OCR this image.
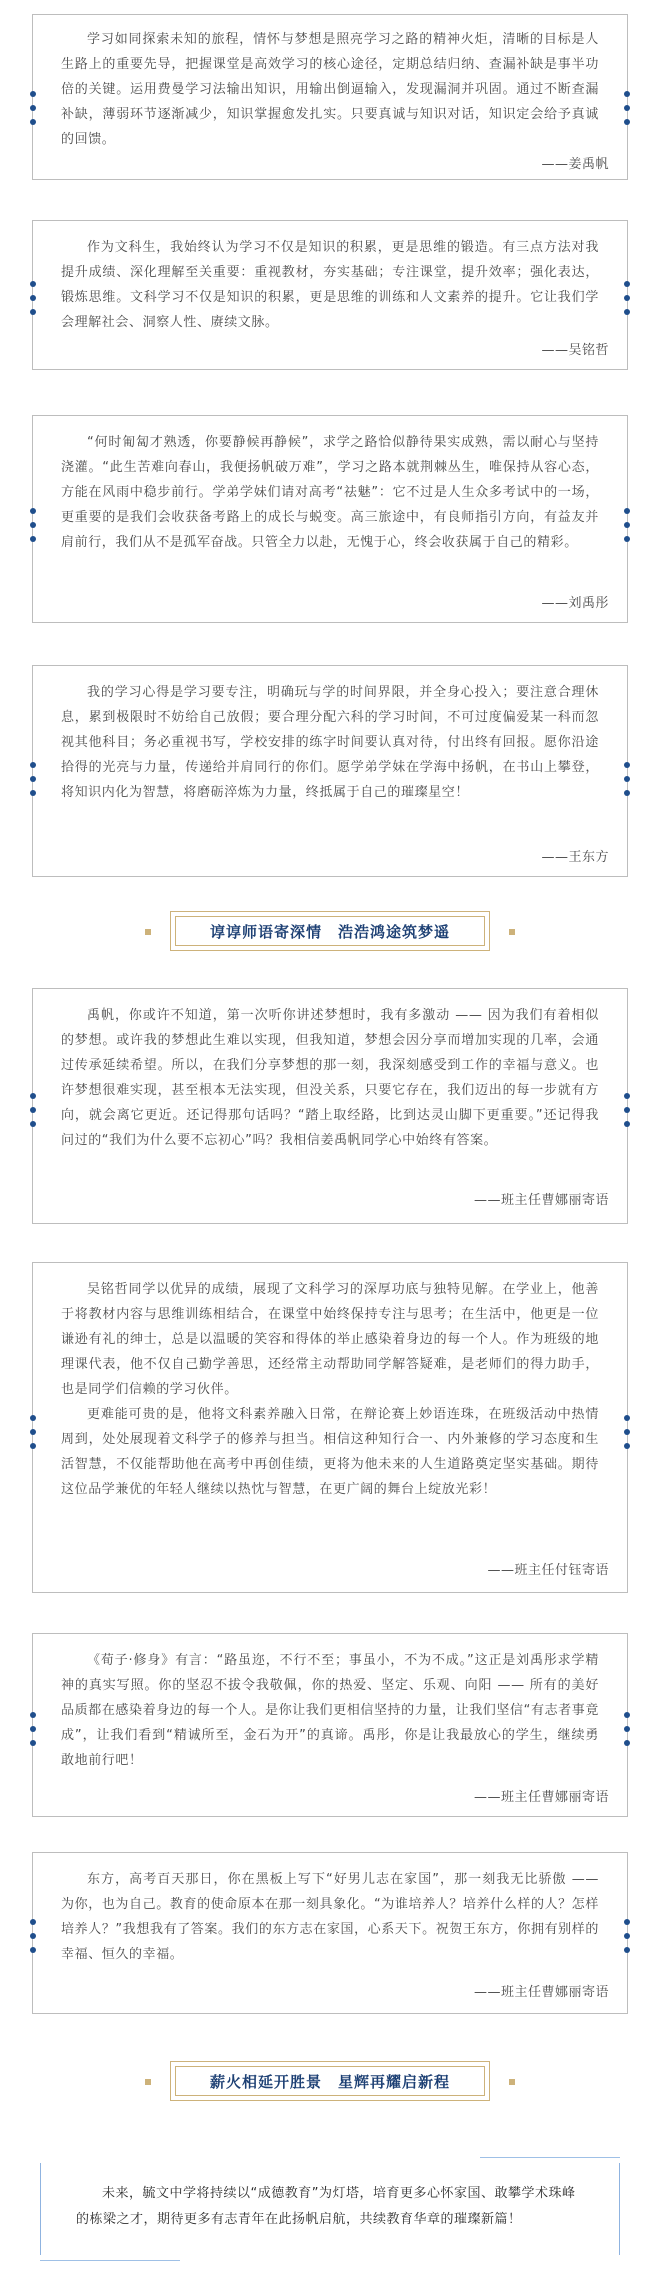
学习如同探索未知的旅程，情怀与梦想是照亮学习之路的精神火炬，清晰的目标是人生路上的重要先导，把握课堂是高效学习的核心途径，定期总结归纳、查漏补缺是事半功倍的关键。运用费曼学习法输出知识，用输出倒逼输入，发现漏洞并巩固。通过不断查漏补缺，薄弱环节逐渐减少，知识掌握愈发扎实。只要真诚与知识对话，知识定会给予真诚的回馈。
——姜禹帆
作为文科生，我始终认为学习不仅是知识的积累，更是思维的锻造。有三点方法对我提升成绩、深化理解至关重要：重视教材，夯实基础；专注课堂，提升效率；强化表达，锻炼思维。文科学习不仅是知识的积累，更是思维的训练和人文素养的提升。它让我们学会理解社会、洞察人性、赓续文脉。
——吴铭哲
“何时匍匐才熟透，你要静候再静候”，求学之路恰似静待果实成熟，需以耐心与坚持浇灌。“此生苦难向春山，我便扬帆破万难”，学习之路本就荆棘丛生，唯保持从容心态，方能在风雨中稳步前行。学弟学妹们请对高考“祛魅”：它不过是人生众多考试中的一场，更重要的是我们会收获备考路上的成长与蜕变。高三旅途中，有良师指引方向，有益友并肩前行，我们从不是孤军奋战。只管全力以赴，无愧于心，终会收获属于自己的精彩。
——刘禹彤
我的学习心得是学习要专注，明确玩与学的时间界限，并全身心投入；要注意合理休息，累到极限时不妨给自己放假；要合理分配六科的学习时间，不可过度偏爱某一科而忽视其他科目；务必重视书写，学校安排的练字时间要认真对待，付出终有回报。愿你沿途拾得的光亮与力量，传递给并肩同行的你们。愿学弟学妹在学海中扬帆，在书山上攀登，将知识内化为智慧，将磨砺淬炼为力量，终抵属于自己的璀璨星空！
——王东方
谆谆师语寄深情　浩浩鸿途筑梦遥

禹帆，你或许不知道，第一次听你讲述梦想时，我有多激动 —— 因为我们有着相似的梦想。或许我的梦想此生难以实现，但我知道，梦想会因分享而增加实现的几率，会通过传承延续希望。所以，在我们分享梦想的那一刻，我深刻感受到工作的幸福与意义。也许梦想很难实现，甚至根本无法实现，但没关系，只要它存在，我们迈出的每一步就有方向，就会离它更近。还记得那句话吗？“踏上取经路，比到达灵山脚下更重要。”还记得我问过的“我们为什么要不忘初心”吗？我相信姜禹帆同学心中始终有答案。

——班主任曹娜丽寄语

吴铭哲同学以优异的成绩，展现了文科学习的深厚功底与独特见解。在学业上，他善于将教材内容与思维训练相结合，在课堂中始终保持专注与思考；在生活中，他更是一位谦逊有礼的绅士，总是以温暖的笑容和得体的举止感染着身边的每一个人。作为班级的地理课代表，他不仅自己勤学善思，还经常主动帮助同学解答疑难，是老师们的得力助手，也是同学们信赖的学习伙伴。

更难能可贵的是，他将文科素养融入日常，在辩论赛上妙语连珠，在班级活动中热情周到，处处展现着文科学子的修养与担当。相信这种知行合一、内外兼修的学习态度和生活智慧，不仅能帮助他在高考中再创佳绩，更将为他未来的人生道路奠定坚实基础。期待这位品学兼优的年轻人继续以热忱与智慧，在更广阔的舞台上绽放光彩！

——班主任付钰寄语

《荀子·修身》有言：“路虽迩，不行不至；事虽小，不为不成。”这正是刘禹彤求学精神的真实写照。你的坚忍不拔令我敬佩，你的热爱、坚定、乐观、向阳 —— 所有的美好品质都在感染着身边的每一个人。是你让我们更相信坚持的力量，让我们坚信“有志者事竟成”，让我们看到“精诚所至，金石为开”的真谛。禹彤，你是让我最放心的学生，继续勇敢地前行吧！

——班主任曹娜丽寄语

东方，高考百天那日，你在黑板上写下“好男儿志在家国”，那一刻我无比骄傲 —— 为你，也为自己。教育的使命原本在那一刻具象化。“为谁培养人？培养什么样的人？怎样培养人？”我想我有了答案。我们的东方志在家国，心系天下。祝贺王东方，你拥有别样的幸福、恒久的幸福。

——班主任曹娜丽寄语
薪火相延开胜景　星辉再耀启新程
未来，毓文中学将持续以“成德教育”为灯塔，培育更多心怀家国、敢攀学术珠峰的栋梁之才，期待更多有志青年在此扬帆启航，共续教育华章的璀璨新篇！
